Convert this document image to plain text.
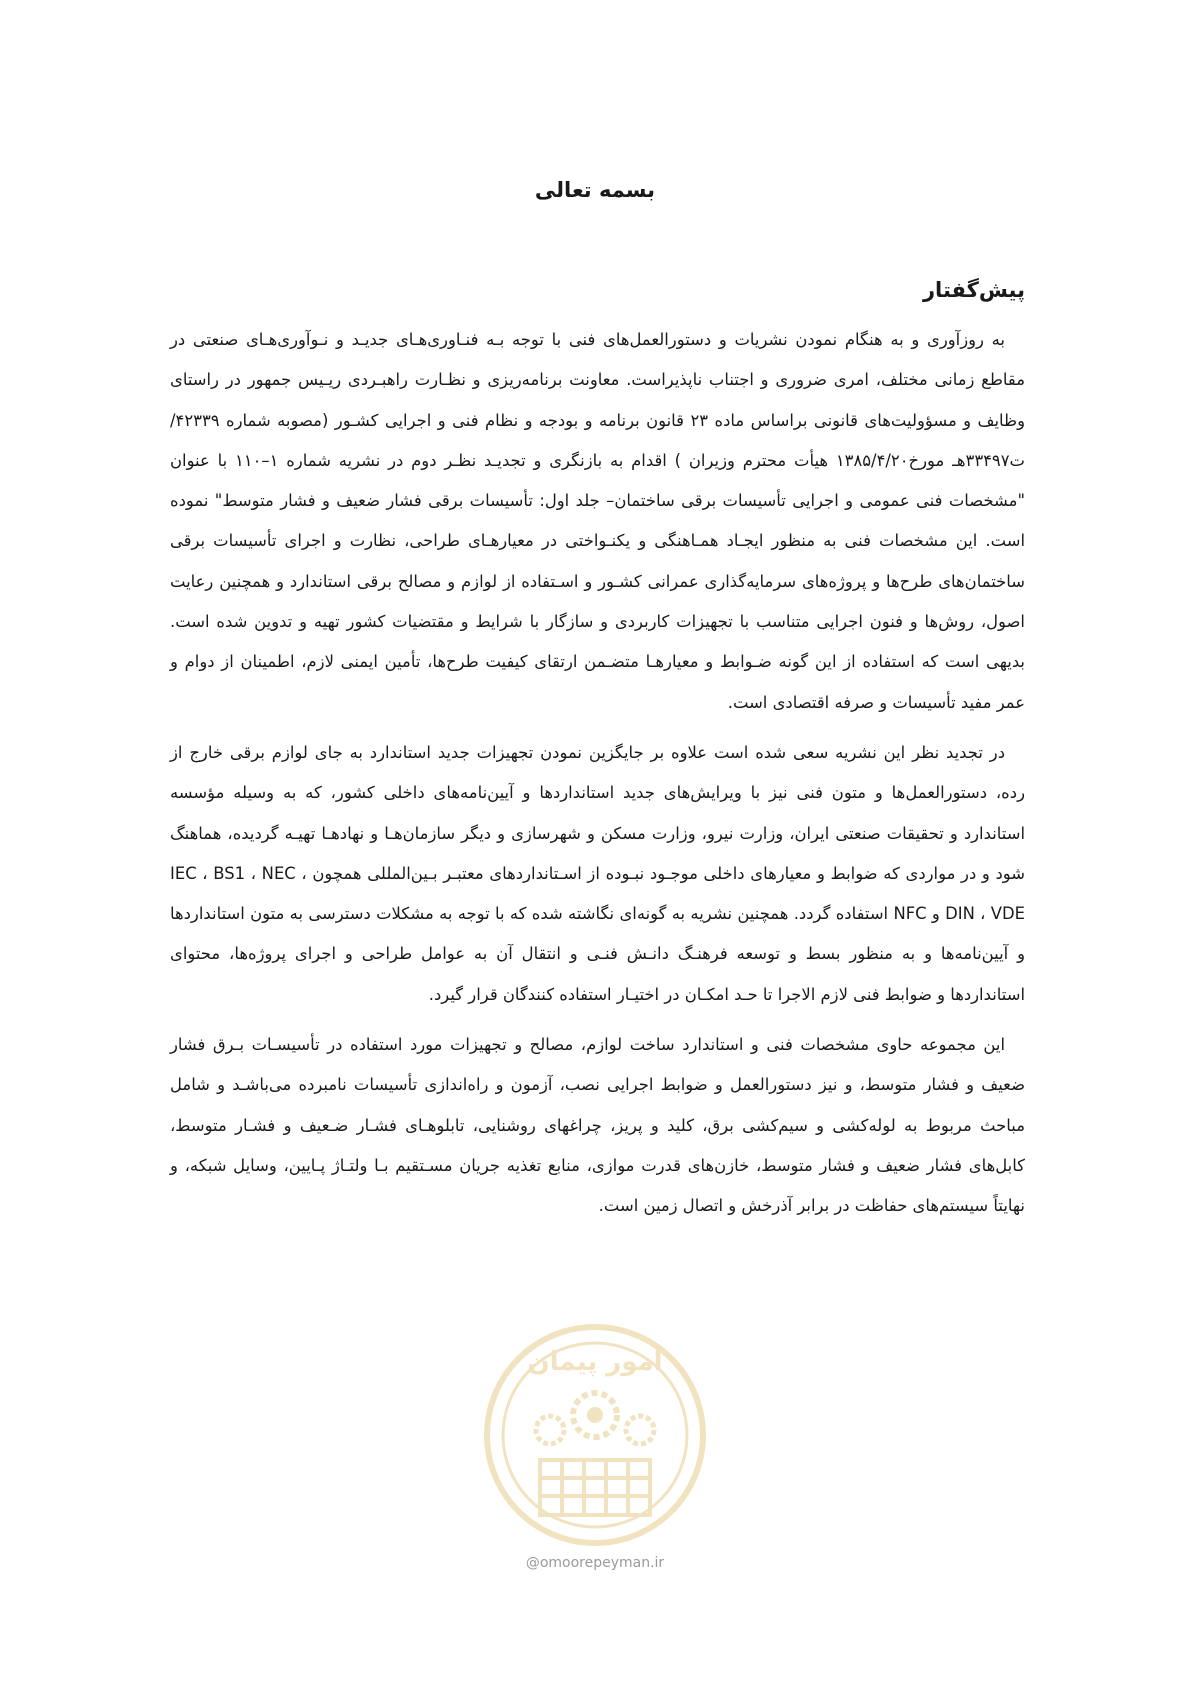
بسمه تعالی
پیش‌گفتار

به روزآوری و به هنگام نمودن نشریات و دستورالعمل‌های فنی با توجه بـه فنـاوری‌هـای جدیـد و نـوآوری‌هـای صنعتی در مقاطع زمانی مختلف، امری ضروری و اجتناب ناپذیراست. معاونت برنامه‌ریزی و نظـارت راهبـردی ریـیس جمهور در راستای وظایف و مسؤولیت‌های قانونی براساس ماده ۲۳ قانون برنامه و بودجه و نظام فنی و اجرایی کشـور (مصوبه شماره ۴۲۳۳۹/ت۳۳۴۹۷هـ مورخ۱۳۸۵/۴/۲۰ هیأت محترم وزیران ) اقدام به بازنگری و تجدیـد نظـر دوم در نشریه شماره ۱–۱۱۰ با عنوان "مشخصات فنی عمومی و اجرایی تأسیسات برقی ساختمان– جلد اول: تأسیسات برقی فشار ضعیف و فشار متوسط" نموده است. این مشخصات فنی به منظور ایجـاد همـاهنگی و یکنـواختی در معیارهـای طراحی، نظارت و اجرای تأسیسات برقی ساختمان‌های طرح‌ها و پروژه‌های سرمایه‌گذاری عمرانی کشـور و اسـتفاده از لوازم و مصالح برقی استاندارد و همچنین رعایت اصول، روش‌ها و فنون اجرایی متناسب با تجهیزات کاربردی و سازگار با شرایط و مقتضیات کشور تهیه و تدوین شده است. بدیهی است که استفاده از این گونه ضـوابط و معیارهـا متضـمن ارتقای کیفیت طرح‌ها، تأمین ایمنی لازم، اطمینان از دوام و عمر مفید تأسیسات و صرفه اقتصادی است.

در تجدید نظر این نشریه سعی شده است علاوه بر جایگزین نمودن تجهیزات جدید استاندارد به جای لوازم برقی خارج از رده، دستورالعمل‌ها و متون فنی نیز با ویرایش‌های جدید استانداردها و آیین‌نامه‌های داخلی کشور، که به وسیله مؤسسه استاندارد و تحقیقات صنعتی ایران، وزارت نیرو، وزارت مسکن و شهرسازی و دیگر سازمان‌هـا و نهادهـا تهیـه گردیده، هماهنگ شود و در مواردی که ضوابط و معیارهای داخلی موجـود نبـوده از اسـتانداردهای معتبـر بـین‌المللی همچون IEC ، BS1 ، NEC ، DIN ، VDE و NFC استفاده گردد. همچنین نشریه به گونه‌ای نگاشته شده که با توجه به مشکلات دسترسی به متون استانداردها و آیین‌نامه‌ها و به منظور بسط و توسعه فرهنـگ دانـش فنـی و انتقال آن به عوامل طراحی و اجرای پروژه‌ها، محتوای استانداردها و ضوابط فنی لازم الاجرا تا حـد امکـان در اختیـار استفاده کنندگان قرار گیرد.

این مجموعه حاوی مشخصات فنی و استاندارد ساخت لوازم، مصالح و تجهیزات مورد استفاده در تأسیسـات بـرق فشار ضعیف و فشار متوسط، و نیز دستورالعمل و ضوابط اجرایی نصب، آزمون و راه‌اندازی تأسیسات نامبرده می‌باشـد و شامل مباحث مربوط به لوله‌کشی و سیم‌کشی برق، کلید و پریز، چراغهای روشنایی، تابلوهـای فشـار ضـعیف و فشـار متوسط، کابل‌های فشار ضعیف و فشار متوسط، خازن‌های قدرت موازی، منابع تغذیه جریان مسـتقیم بـا ولتـاژ پـایین، وسایل شبکه، و نهایتاً سیستم‌های حفاظت در برابر آذرخش و اتصال زمین است.

امور پیمان
@omoorepeyman.ir
